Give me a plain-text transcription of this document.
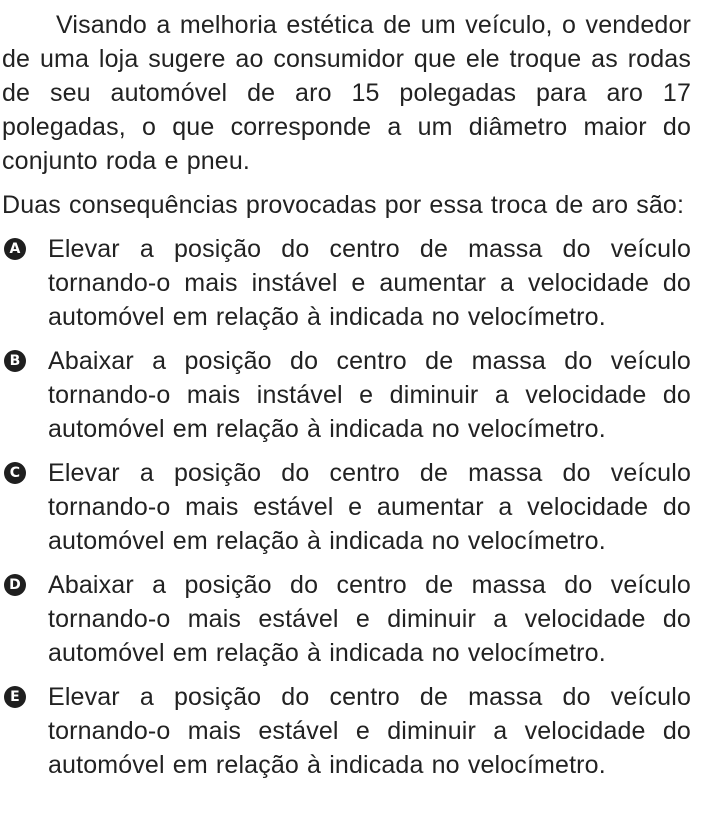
Visando a melhoria estética de um veículo, o vendedor de uma loja sugere ao consumidor que ele troque as rodas de seu automóvel de aro 15 polegadas para aro 17 polegadas, o que corresponde a um diâmetro maior do conjunto roda e pneu.

Duas consequências provocadas por essa troca de aro são:

A Elevar a posição do centro de massa do veículo tornando-o mais instável e aumentar a velocidade do automóvel em relação à indicada no velocímetro.
B Abaixar a posição do centro de massa do veículo tornando-o mais instável e diminuir a velocidade do automóvel em relação à indicada no velocímetro.
C Elevar a posição do centro de massa do veículo tornando-o mais estável e aumentar a velocidade do automóvel em relação à indicada no velocímetro.
D Abaixar a posição do centro de massa do veículo tornando-o mais estável e diminuir a velocidade do automóvel em relação à indicada no velocímetro.
E Elevar a posição do centro de massa do veículo tornando-o mais estável e diminuir a velocidade do automóvel em relação à indicada no velocímetro.
